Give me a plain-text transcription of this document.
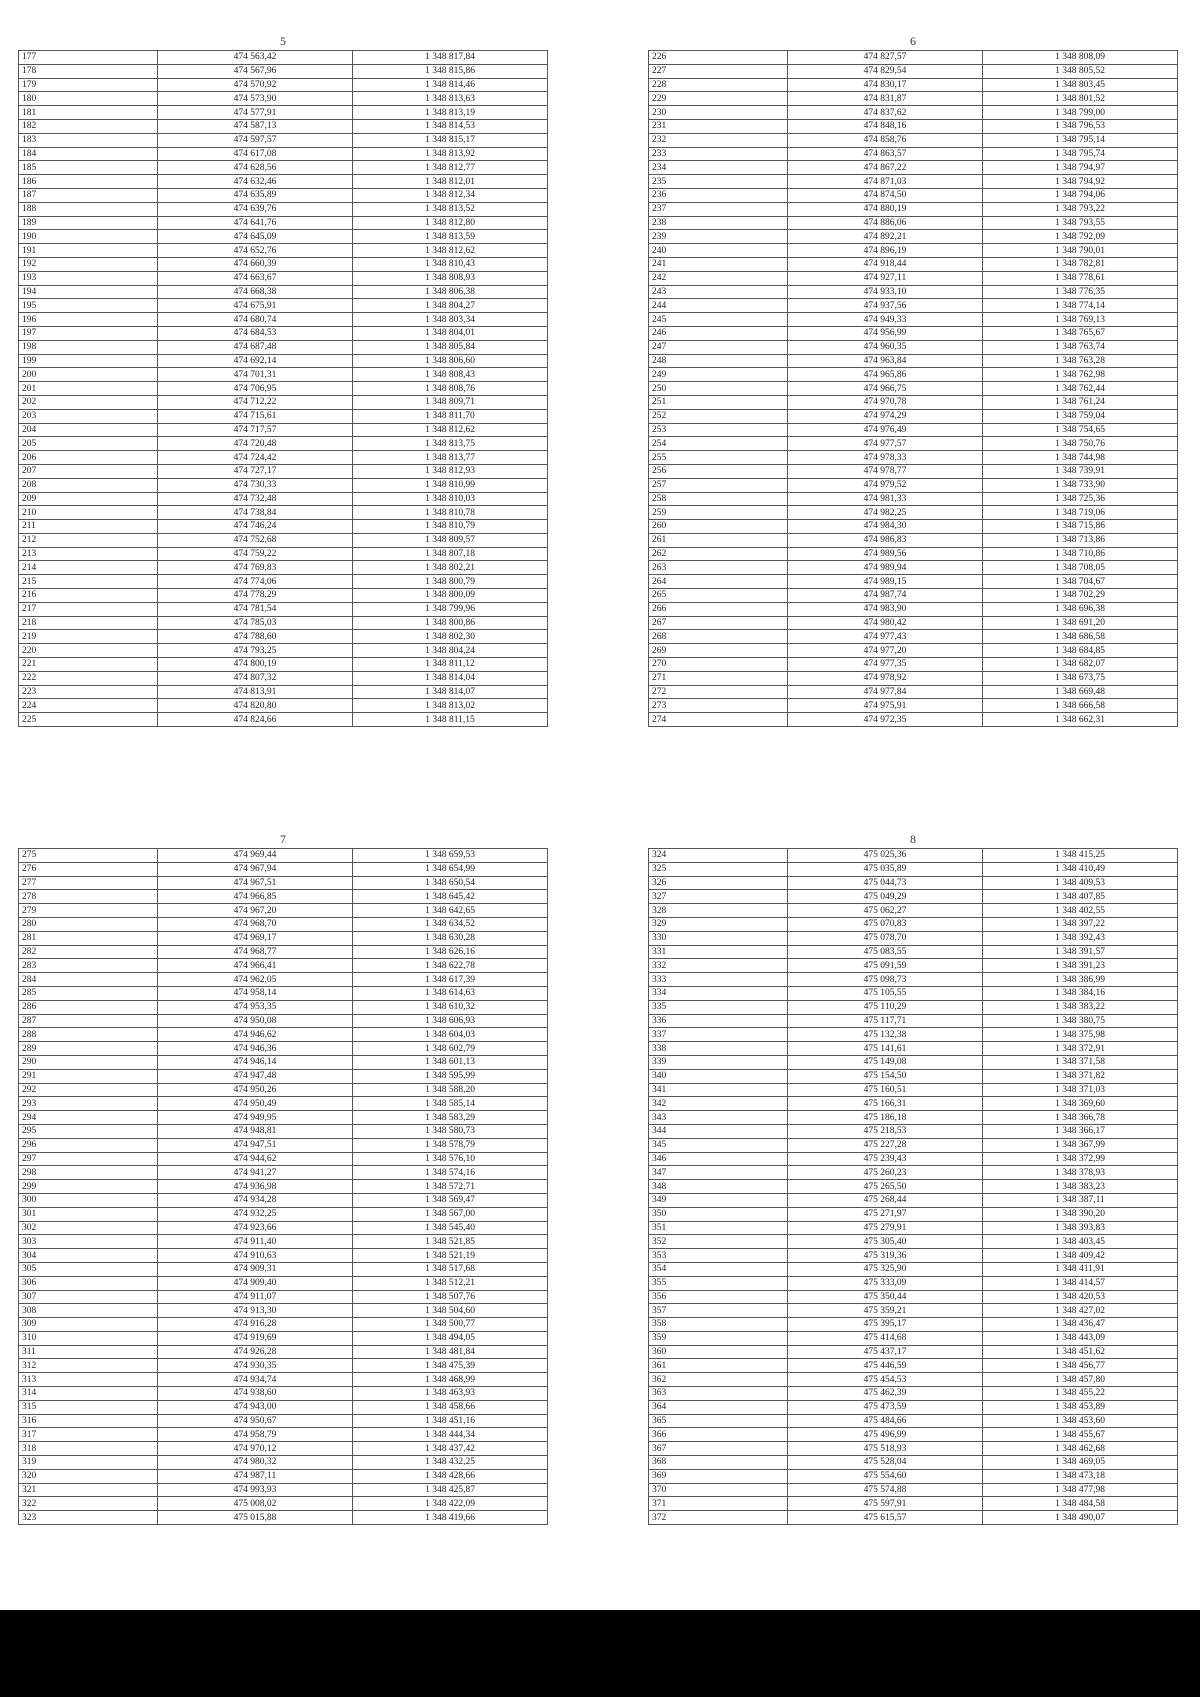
5
177	474 563,42	1 348 817,84
178	474 567,96	1 348 815,86
179	474 570,92	1 348 814,46
180	474 573,90	1 348 813,63
181	474 577,91	1 348 813,19
182	474 587,13	1 348 814,53
183	474 597,57	1 348 815,17
184	474 617,08	1 348 813,92
185	474 628,56	1 348 812,77
186	474 632,46	1 348 812,01
187	474 635,89	1 348 812,34
188	474 639,76	1 348 813,52
189	474 641,76	1 348 812,80
190	474 645,09	1 348 813,59
191	474 652,76	1 348 812,62
192	474 660,39	1 348 810,43
193	474 663,67	1 348 808,93
194	474 668,38	1 348 806,38
195	474 675,91	1 348 804,27
196	474 680,74	1 348 803,34
197	474 684,53	1 348 804,01
198	474 687,48	1 348 805,84
199	474 692,14	1 348 806,60
200	474 701,31	1 348 808,43
201	474 706,95	1 348 808,76
202	474 712,22	1 348 809,71
203	474 715,61	1 348 811,70
204	474 717,57	1 348 812,62
205	474 720,48	1 348 813,75
206	474 724,42	1 348 813,77
207	474 727,17	1 348 812,93
208	474 730,33	1 348 810,99
209	474 732,48	1 348 810,03
210	474 738,84	1 348 810,78
211	474 746,24	1 348 810,79
212	474 752,68	1 348 809,57
213	474 759,22	1 348 807,18
214	474 769,83	1 348 802,21
215	474 774,06	1 348 800,79
216	474 778,29	1 348 800,09
217	474 781,54	1 348 799,96
218	474 785,03	1 348 800,86
219	474 788,60	1 348 802,30
220	474 793,25	1 348 804,24
221	474 800,19	1 348 811,12
222	474 807,32	1 348 814,04
223	474 813,91	1 348 814,07
224	474 820,80	1 348 813,02
225	474 824,66	1 348 811,15
6
226	474 827,57	1 348 808,09
227	474 829,54	1 348 805,52
228	474 830,17	1 348 803,45
229	474 831,87	1 348 801,52
230	474 837,62	1 348 799,00
231	474 848,16	1 348 796,53
232	474 858,76	1 348 795,14
233	474 863,57	1 348 795,74
234	474 867,22	1 348 794,97
235	474 871,03	1 348 794,92
236	474 874,50	1 348 794,06
237	474 880,19	1 348 793,22
238	474 886,06	1 348 793,55
239	474 892,21	1 348 792,09
240	474 896,19	1 348 790,01
241	474 918,44	1 348 782,81
242	474 927,11	1 348 778,61
243	474 933,10	1 348 776,35
244	474 937,56	1 348 774,14
245	474 949,33	1 348 769,13
246	474 956,99	1 348 765,67
247	474 960,35	1 348 763,74
248	474 963,84	1 348 763,28
249	474 965,86	1 348 762,98
250	474 966,75	1 348 762,44
251	474 970,78	1 348 761,24
252	474 974,29	1 348 759,04
253	474 976,49	1 348 754,65
254	474 977,57	1 348 750,76
255	474 978,33	1 348 744,98
256	474 978,77	1 348 739,91
257	474 979,52	1 348 733,90
258	474 981,33	1 348 725,36
259	474 982,25	1 348 719,06
260	474 984,30	1 348 715,86
261	474 986,83	1 348 713,86
262	474 989,56	1 348 710,86
263	474 989,94	1 348 708,05
264	474 989,15	1 348 704,67
265	474 987,74	1 348 702,29
266	474 983,90	1 348 696,38
267	474 980,42	1 348 691,20
268	474 977,43	1 348 686,58
269	474 977,20	1 348 684,85
270	474 977,35	1 348 682,07
271	474 978,92	1 348 673,75
272	474 977,84	1 348 669,48
273	474 975,91	1 348 666,58
274	474 972,35	1 348 662,31
7
275	474 969,44	1 348 659,53
276	474 967,94	1 348 654,99
277	474 967,51	1 348 650,54
278	474 966,85	1 348 645,42
279	474 967,20	1 348 642,65
280	474 968,70	1 348 634,52
281	474 969,17	1 348 630,28
282	474 968,77	1 348 626,16
283	474 966,41	1 348 622,78
284	474 962,05	1 348 617,39
285	474 958,14	1 348 614,63
286	474 953,35	1 348 610,32
287	474 950,08	1 348 606,93
288	474 946,62	1 348 604,03
289	474 946,36	1 348 602,79
290	474 946,14	1 348 601,13
291	474 947,48	1 348 595,99
292	474 950,26	1 348 588,20
293	474 950,49	1 348 585,14
294	474 949,95	1 348 583,29
295	474 948,81	1 348 580,73
296	474 947,51	1 348 578,79
297	474 944,62	1 348 576,10
298	474 941,27	1 348 574,16
299	474 936,98	1 348 572,71
300	474 934,28	1 348 569,47
301	474 932,25	1 348 567,00
302	474 923,66	1 348 545,40
303	474 911,40	1 348 521,85
304	474 910,63	1 348 521,19
305	474 909,31	1 348 517,68
306	474 909,40	1 348 512,21
307	474 911,07	1 348 507,76
308	474 913,30	1 348 504,60
309	474 916,28	1 348 500,77
310	474 919,69	1 348 494,05
311	474 926,28	1 348 481,84
312	474 930,35	1 348 475,39
313	474 934,74	1 348 468,99
314	474 938,60	1 348 463,93
315	474 943,00	1 348 458,66
316	474 950,67	1 348 451,16
317	474 958,79	1 348 444,34
318	474 970,12	1 348 437,42
319	474 980,32	1 348 432,25
320	474 987,11	1 348 428,66
321	474 993,93	1 348 425,87
322	475 008,02	1 348 422,09
323	475 015,88	1 348 419,66
8
324	475 025,36	1 348 415,25
325	475 035,89	1 348 410,49
326	475 044,73	1 348 409,53
327	475 049,29	1 348 407,85
328	475 062,27	1 348 402,55
329	475 070,83	1 348 397,22
330	475 078,70	1 348 392,43
331	475 083,55	1 348 391,57
332	475 091,59	1 348 391,23
333	475 098,73	1 348 386,99
334	475 105,55	1 348 384,16
335	475 110,29	1 348 383,22
336	475 117,71	1 348 380,75
337	475 132,38	1 348 375,98
338	475 141,61	1 348 372,91
339	475 149,08	1 348 371,58
340	475 154,50	1 348 371,82
341	475 160,51	1 348 371,03
342	475 166,31	1 348 369,60
343	475 186,18	1 348 366,78
344	475 218,53	1 348 366,17
345	475 227,28	1 348 367,99
346	475 239,43	1 348 372,99
347	475 260,23	1 348 378,93
348	475 265,50	1 348 383,23
349	475 268,44	1 348 387,11
350	475 271,97	1 348 390,20
351	475 279,91	1 348 393,83
352	475 305,40	1 348 403,45
353	475 319,36	1 348 409,42
354	475 325,90	1 348 411,91
355	475 333,09	1 348 414,57
356	475 350,44	1 348 420,53
357	475 359,21	1 348 427,02
358	475 395,17	1 348 436,47
359	475 414,68	1 348 443,09
360	475 437,17	1 348 451,62
361	475 446,59	1 348 456,77
362	475 454,53	1 348 457,80
363	475 462,39	1 348 455,22
364	475 473,59	1 348 453,89
365	475 484,66	1 348 453,60
366	475 496,99	1 348 455,67
367	475 518,93	1 348 462,68
368	475 528,04	1 348 469,05
369	475 554,60	1 348 473,18
370	475 574,88	1 348 477,98
371	475 597,91	1 348 484,58
372	475 615,57	1 348 490,07
